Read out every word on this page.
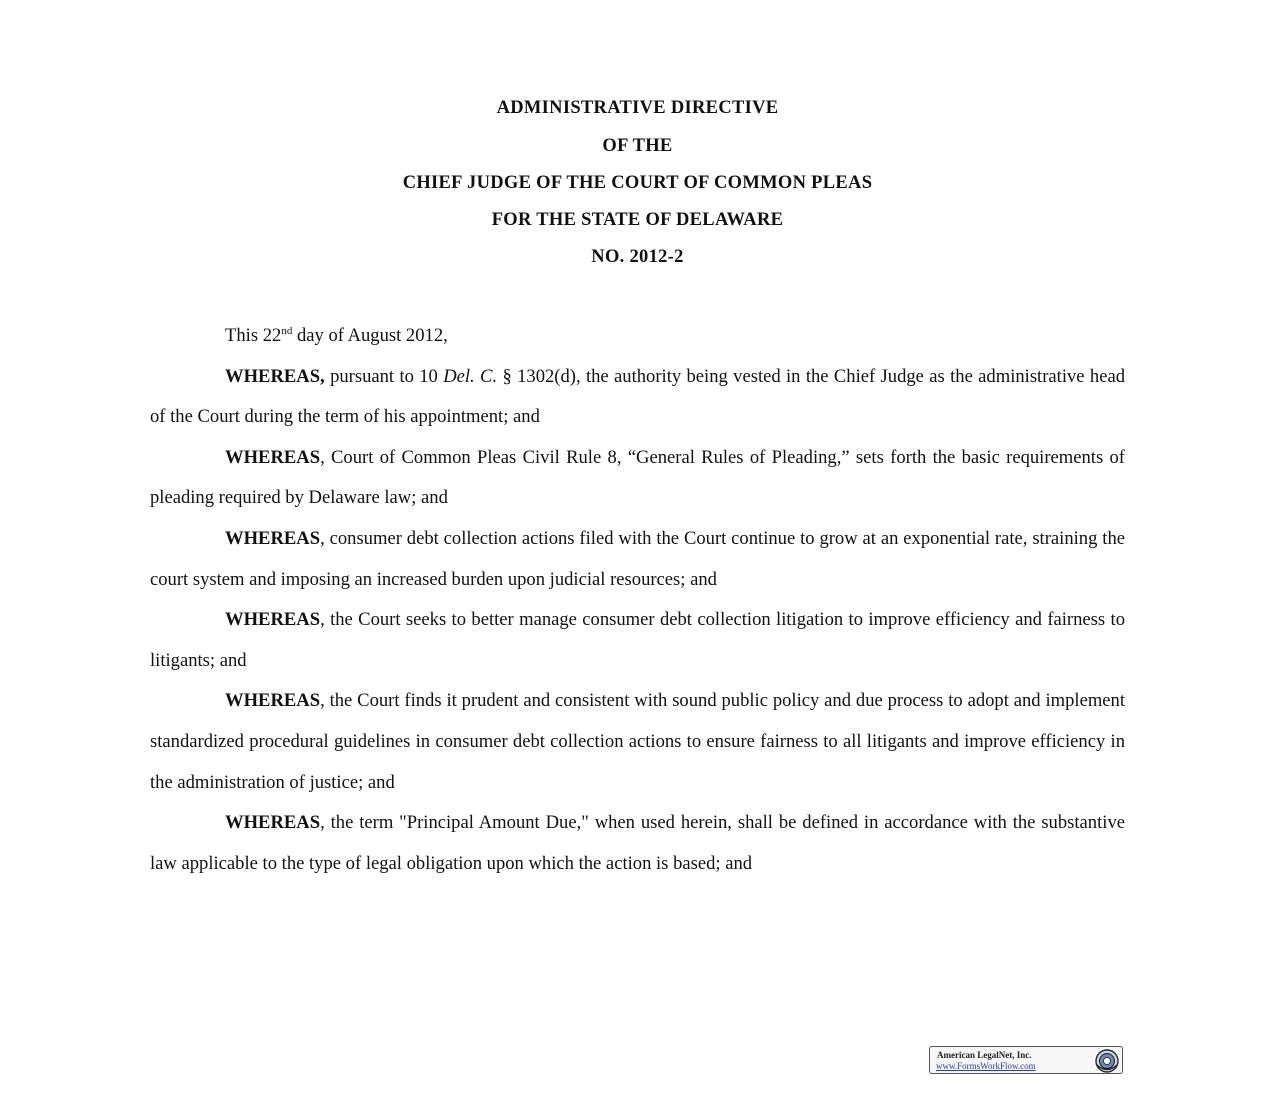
ADMINISTRATIVE DIRECTIVE
OF THE
CHIEF JUDGE OF THE COURT OF COMMON PLEAS
FOR THE STATE OF DELAWARE
NO. 2012-2

This 22nd day of August 2012,

WHEREAS, pursuant to 10 Del. C. § 1302(d), the authority being vested in the Chief Judge as the administrative head of the Court during the term of his appointment; and

WHEREAS, Court of Common Pleas Civil Rule 8, “General Rules of Pleading,” sets forth the basic requirements of pleading required by Delaware law; and

WHEREAS, consumer debt collection actions filed with the Court continue to grow at an exponential rate, straining the court system and imposing an increased burden upon judicial resources; and

WHEREAS, the Court seeks to better manage consumer debt collection litigation to improve efficiency and fairness to litigants; and

WHEREAS, the Court finds it prudent and consistent with sound public policy and due process to adopt and implement standardized procedural guidelines in consumer debt collection actions to ensure fairness to all litigants and improve efficiency in the administration of justice; and

WHEREAS, the term "Principal Amount Due," when used herein, shall be defined in accordance with the substantive law applicable to the type of legal obligation upon which the action is based; and

American LegalNet, Inc.
www.FormsWorkFlow.com
